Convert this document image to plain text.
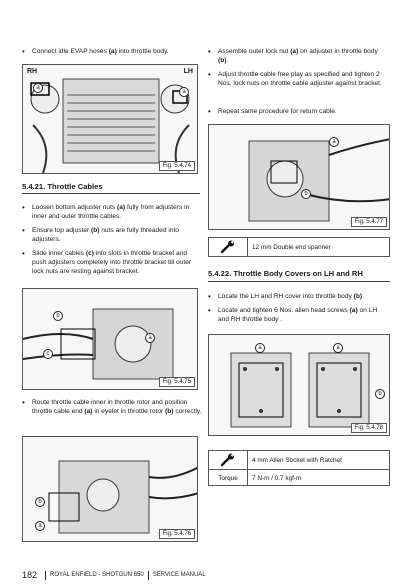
• Connect idle EVAP hoses (a) into throttle body.
RH	LH
a
a
Fig. 5.4.74
5.4.21. Throttle Cables
• Loosen bottom adjuster nuts (a) fully from adjusters in inner and outer throttle cables.
• Ensure top adjuster (b) nuts are fully threaded into adjusters.
• Slide inner cables (c) into slots in throttle bracket and push adjusters completely into throttle bracket till outer lock nuts are resting against bracket.
b
a
c
Fig. 5.4.75
• Route throttle cable inner in throttle rotor and position throttle cable end (a) in eyelet in throttle rotor (b) correctly.
b
a
Fig. 5.4.76
• Assemble outer lock nut (a) on adjuster in throttle body (b).
• Adjust throttle cable free play as specified and tighten 2 Nos. lock nuts on throttle cable adjuster against bracket.
• Repeat same procedure for return cable.
a
b
Fig. 5.4.77
12 mm Double end spanner
5.4.22. Throttle Body Covers on LH and RH
• Locate the LH and RH cover into throttle body (b)
• Locate and tighten 6 Nos. allen head screws (a) on LH and RH throttle body .
a	a
b
Fig. 5.4.78
4 mm Allen Socket with Ratchet
Torque	7 N-m / 0.7 kgf-m
182 ROYAL ENFIELD - SHOTGUN 650 SERVICE MANUAL
